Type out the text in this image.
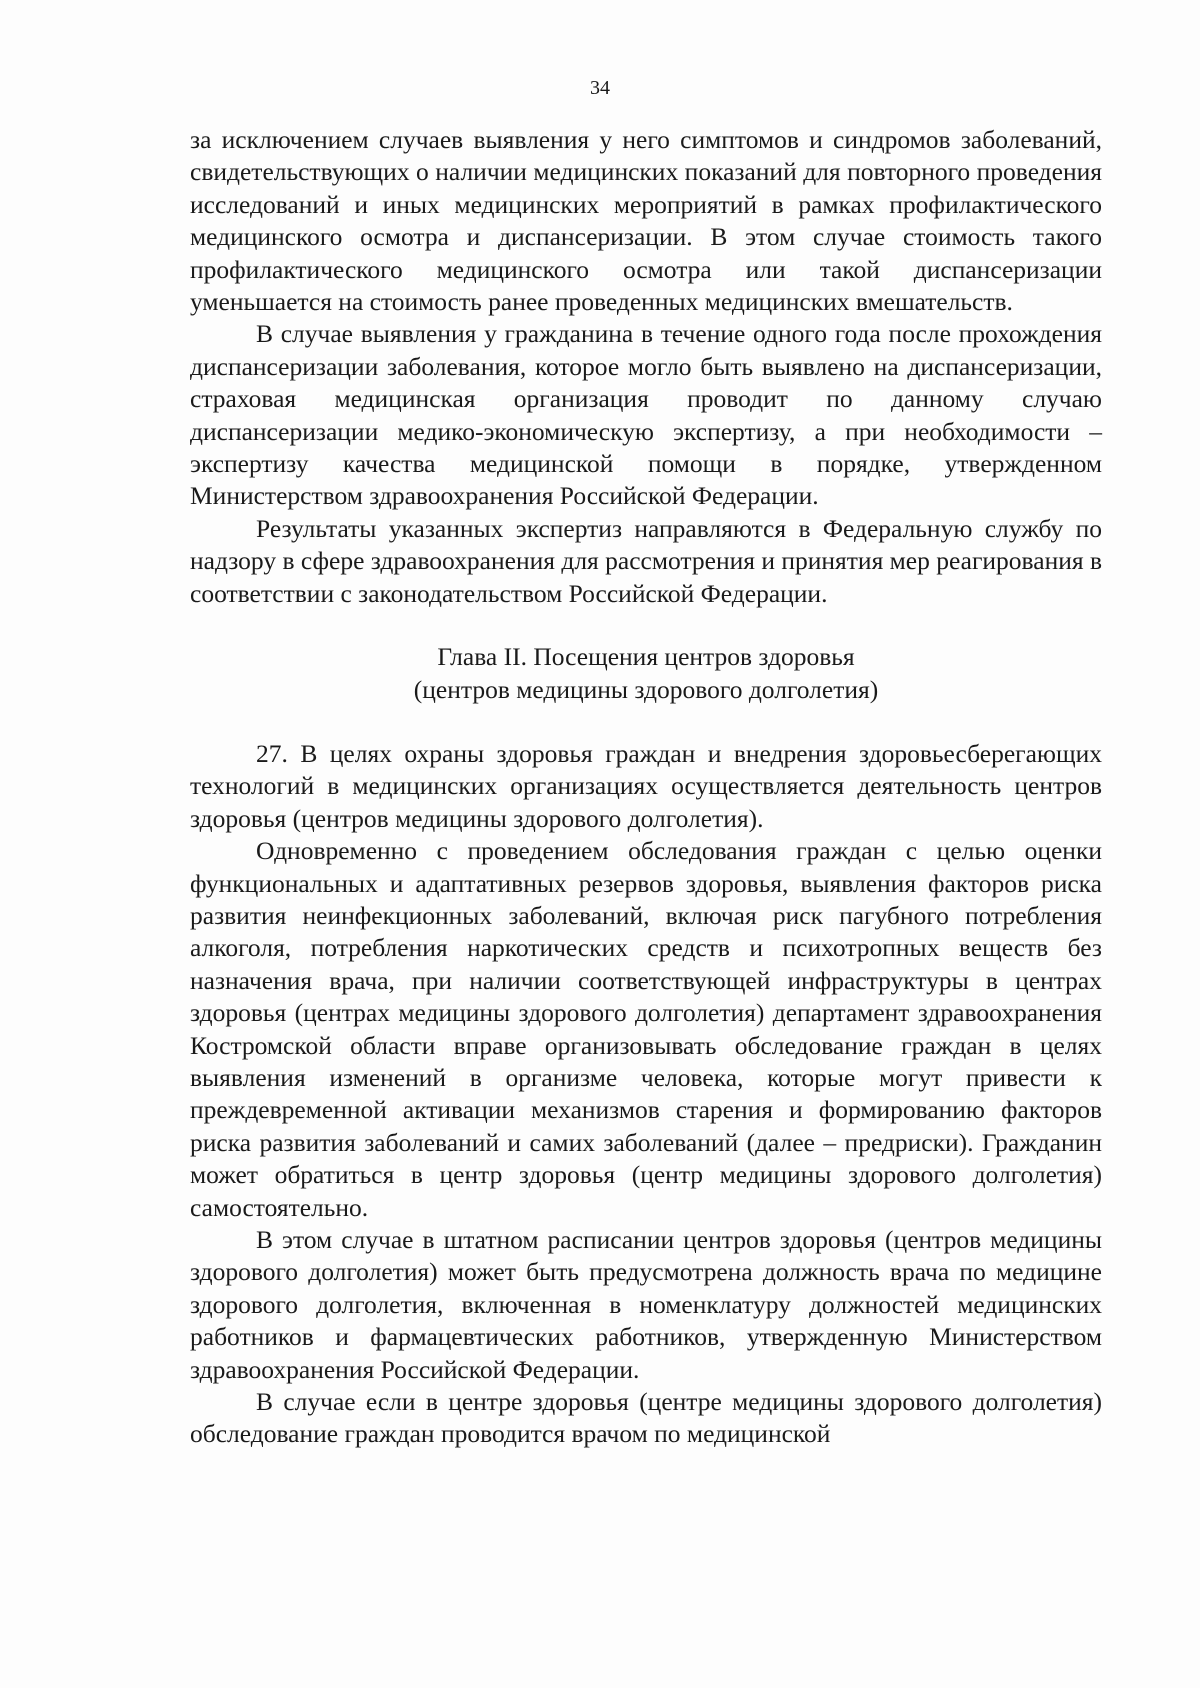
34

за исключением случаев выявления у него симптомов и синдромов заболеваний, свидетельствующих о наличии медицинских показаний для повторного проведения исследований и иных медицинских мероприятий в рамках профилактического медицинского осмотра и диспансеризации. В этом случае стоимость такого профилактического медицинского осмотра или такой диспансеризации уменьшается на стоимость ранее проведенных медицинских вмешательств.

В случае выявления у гражданина в течение одного года после прохождения диспансеризации заболевания, которое могло быть выявлено на диспансеризации, страховая медицинская организация проводит по данному случаю диспансеризации медико-экономическую экспертизу, а при необходимости – экспертизу качества медицинской помощи в порядке, утвержденном Министерством здравоохранения Российской Федерации.

Результаты указанных экспертиз направляются в Федеральную службу по надзору в сфере здравоохранения для рассмотрения и принятия мер реагирования в соответствии с законодательством Российской Федерации.

Глава II. Посещения центров здоровья
(центров медицины здорового долголетия)

27. В целях охраны здоровья граждан и внедрения здоровьесберегающих технологий в медицинских организациях осуществляется деятельность центров здоровья (центров медицины здорового долголетия).

Одновременно с проведением обследования граждан с целью оценки функциональных и адаптативных резервов здоровья, выявления факторов риска развития неинфекционных заболеваний, включая риск пагубного потребления алкоголя, потребления наркотических средств и психотропных веществ без назначения врача, при наличии соответствующей инфраструктуры в центрах здоровья (центрах медицины здорового долголетия) департамент здравоохранения Костромской области вправе организовывать обследование граждан в целях выявления изменений в организме человека, которые могут привести к преждевременной активации механизмов старения и формированию факторов риска развития заболеваний и самих заболеваний (далее – предриски). Гражданин может обратиться в центр здоровья (центр медицины здорового долголетия) самостоятельно.

В этом случае в штатном расписании центров здоровья (центров медицины здорового долголетия) может быть предусмотрена должность врача по медицине здорового долголетия, включенная в номенклатуру должностей медицинских работников и фармацевтических работников, утвержденную Министерством здравоохранения Российской Федерации.

В случае если в центре здоровья (центре медицины здорового долголетия) обследование граждан проводится врачом по медицинской
